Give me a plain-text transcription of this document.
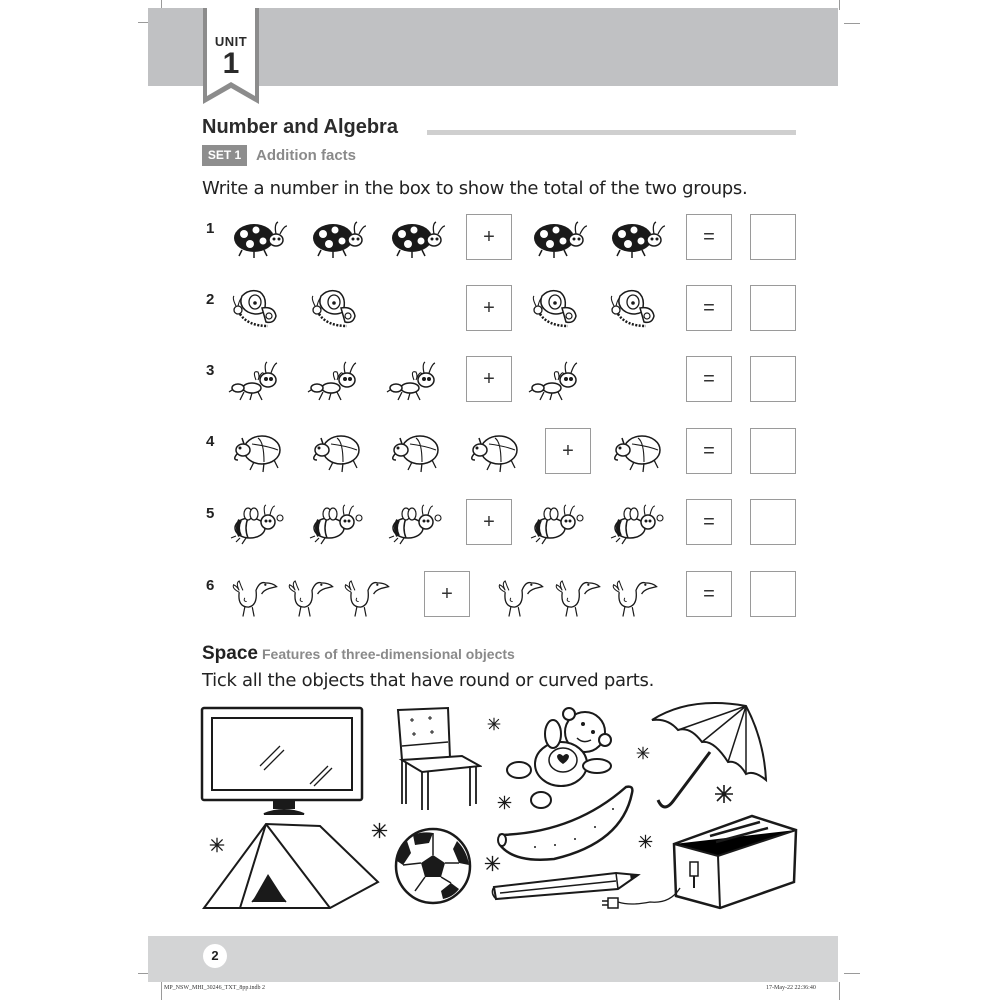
UNIT
1
Number and Algebra
SET 1 Addition facts
Write a number in the box to show the total of the two groups.
1	+	=
2	+	=
3	+	=
4	+	=
5	+	=
6	+	=
Space Features of three-dimensional objects
Tick all the objects that have round or curved parts.
2
MP_NSW_MHI_30246_TXT_8pp.indb 2	17-May-22 22:36:40
